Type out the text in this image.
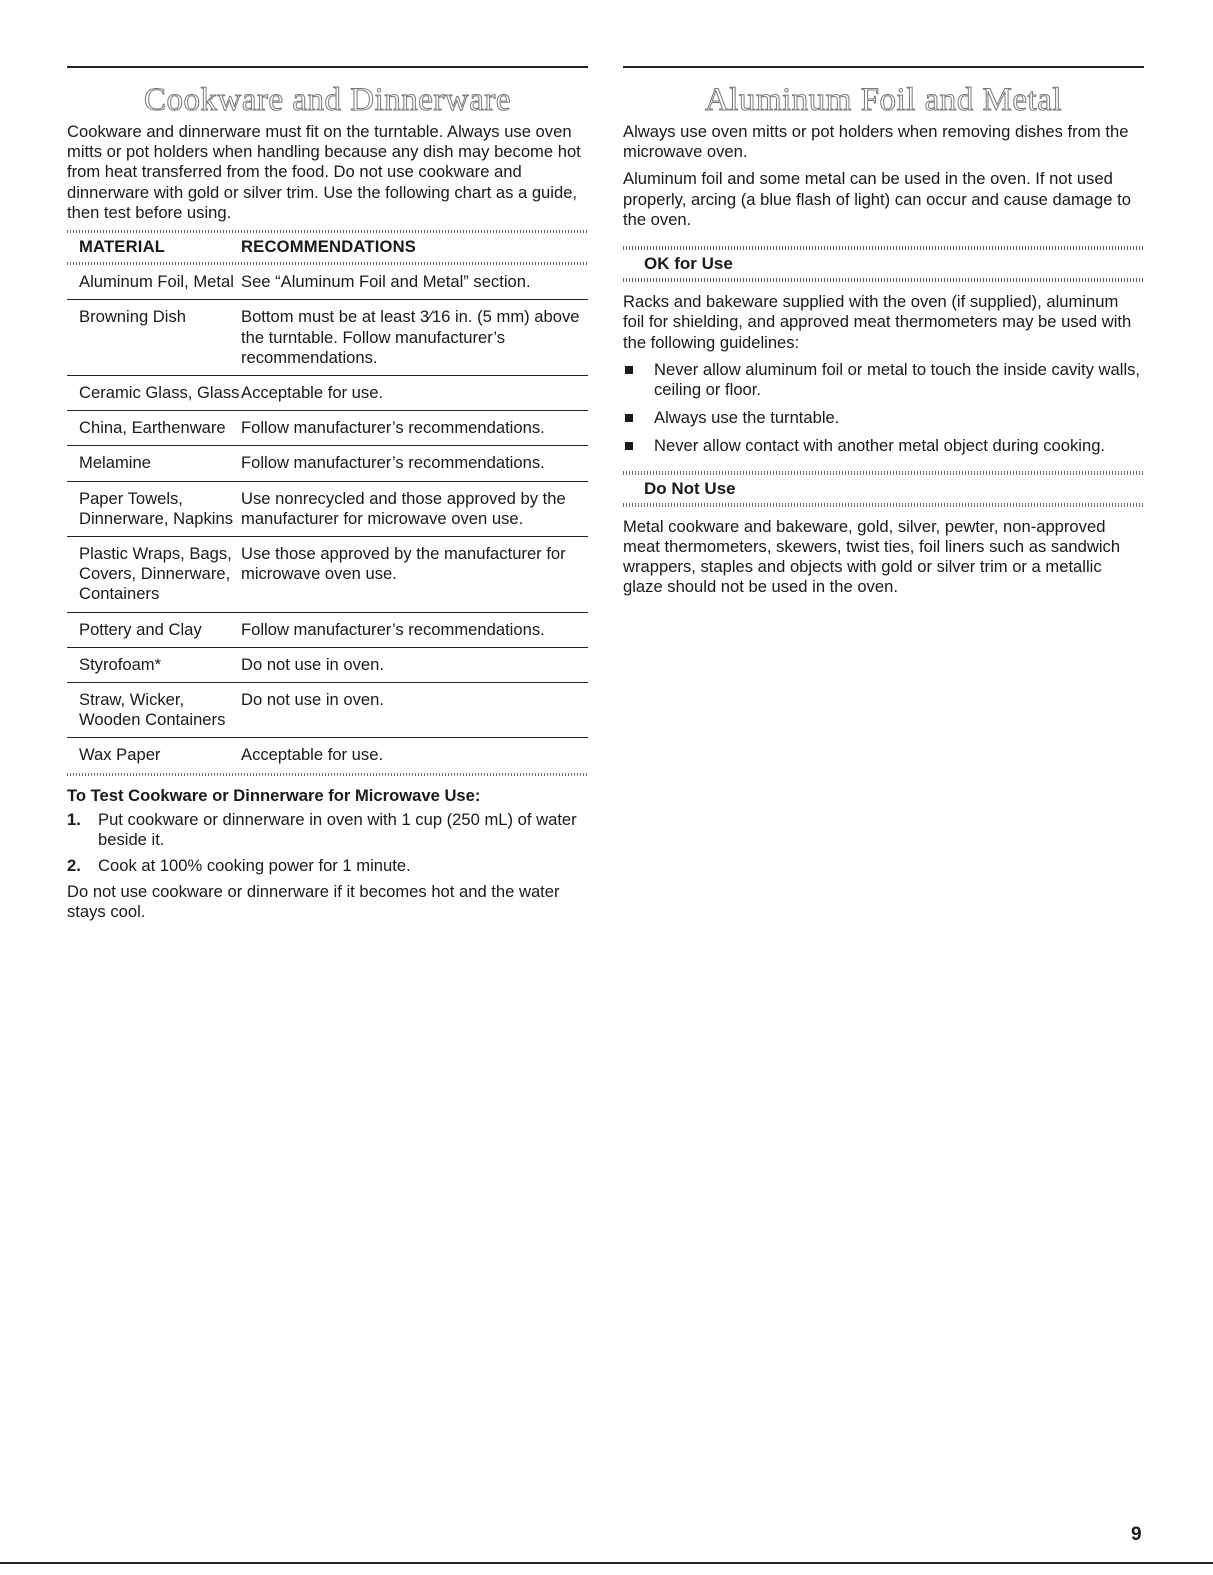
Cookware and Dinnerware

Cookware and dinnerware must fit on the turntable. Always use oven mitts or pot holders when handling because any dish may become hot from heat transferred from the food. Do not use cookware and dinnerware with gold or silver trim. Use the following chart as a guide, then test before using.

MATERIAL	RECOMMENDATIONS

Aluminum Foil, Metal	See “Aluminum Foil and Metal” section.
Browning Dish	Bottom must be at least 3⁄16 in. (5 mm) above the turntable. Follow manufacturer’s recommendations.
Ceramic Glass, Glass	Acceptable for use.
China, Earthenware	Follow manufacturer’s recommendations.
Melamine	Follow manufacturer’s recommendations.
Paper Towels, Dinnerware, Napkins	Use nonrecycled and those approved by the manufacturer for microwave oven use.
Plastic Wraps, Bags, Covers, Dinnerware, Containers	Use those approved by the manufacturer for microwave oven use.
Pottery and Clay	Follow manufacturer’s recommendations.
Styrofoam*	Do not use in oven.
Straw, Wicker, Wooden Containers	Do not use in oven.
Wax Paper	Acceptable for use.
To Test Cookware or Dinnerware for Microwave Use:
1. Put cookware or dinnerware in oven with 1 cup (250 mL) of water beside it.
2. Cook at 100% cooking power for 1 minute.

Do not use cookware or dinnerware if it becomes hot and the water stays cool.

Aluminum Foil and Metal

Always use oven mitts or pot holders when removing dishes from the microwave oven.

Aluminum foil and some metal can be used in the oven. If not used properly, arcing (a blue flash of light) can occur and cause damage to the oven.

OK for Use

Racks and bakeware supplied with the oven (if supplied), aluminum foil for shielding, and approved meat thermometers may be used with the following guidelines:

Never allow aluminum foil or metal to touch the inside cavity walls, ceiling or floor.
Always use the turntable.
Never allow contact with another metal object during cooking.
Do Not Use

Metal cookware and bakeware, gold, silver, pewter, non-approved meat thermometers, skewers, twist ties, foil liners such as sandwich wrappers, staples and objects with gold or silver trim or a metallic glaze should not be used in the oven.

9
